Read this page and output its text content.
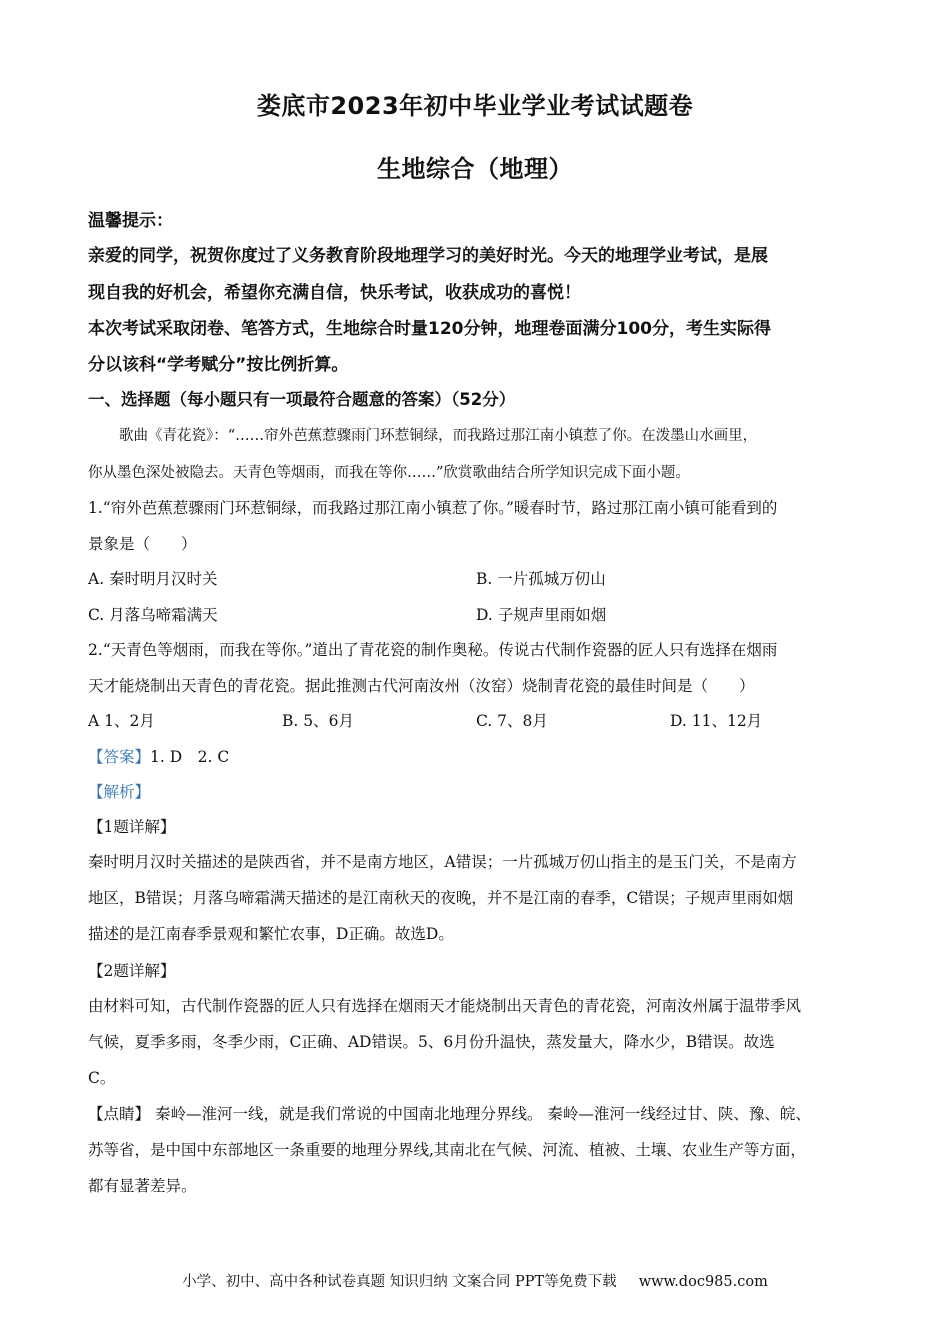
娄底市2023年初中毕业学业考试试题卷
生地综合（地理）
温馨提示：
亲爱的同学，祝贺你度过了义务教育阶段地理学习的美好时光。今天的地理学业考试，是展
现自我的好机会，希望你充满自信，快乐考试，收获成功的喜悦！
本次考试采取闭卷、笔答方式，生地综合时量120分钟，地理卷面满分100分，考生实际得
分以该科“学考赋分”按比例折算。
一、选择题（每小题只有一项最符合题意的答案）（52分）
歌曲《青花瓷》：“……帘外芭蕉惹骤雨门环惹铜绿，而我路过那江南小镇惹了你。在泼墨山水画里，
你从墨色深处被隐去。天青色等烟雨，而我在等你……”欣赏歌曲结合所学知识完成下面小题。
1.“帘外芭蕉惹骤雨门环惹铜绿，而我路过那江南小镇惹了你。”暖春时节，路过那江南小镇可能看到的
景象是（　　）
A. 秦时明月汉时关	B. 一片孤城万仞山
C. 月落乌啼霜满天	D. 子规声里雨如烟
2.“天青色等烟雨，而我在等你。”道出了青花瓷的制作奥秘。传说古代制作瓷器的匠人只有选择在烟雨
天才能烧制出天青色的青花瓷。据此推测古代河南汝州（汝窑）烧制青花瓷的最佳时间是（　　）
A 1、2月	B. 5、6月	C. 7、8月	D. 11、12月
【答案】1. D　2. C
【解析】
【1题详解】
秦时明月汉时关描述的是陕西省，并不是南方地区，A错误；一片孤城万仞山指主的是玉门关，不是南方
地区，B错误；月落乌啼霜满天描述的是江南秋天的夜晚，并不是江南的春季，C错误；子规声里雨如烟
描述的是江南春季景观和繁忙农事，D正确。故选D。
【2题详解】
由材料可知，古代制作瓷器的匠人只有选择在烟雨天才能烧制出天青色的青花瓷，河南汝州属于温带季风
气候，夏季多雨，冬季少雨，C正确、AD错误。5、6月份升温快，蒸发量大，降水少，B错误。故选
C。
【点睛】 秦岭—淮河一线，就是我们常说的中国南北地理分界线。 秦岭—淮河一线经过甘、陕、豫、皖、
苏等省，是中国中东部地区一条重要的地理分界线,其南北在气候、河流、植被、土壤、农业生产等方面，
都有显著差异。
小学、初中、高中各种试卷真题 知识归纳 文案合同 PPT等免费下载 www.doc985.com
